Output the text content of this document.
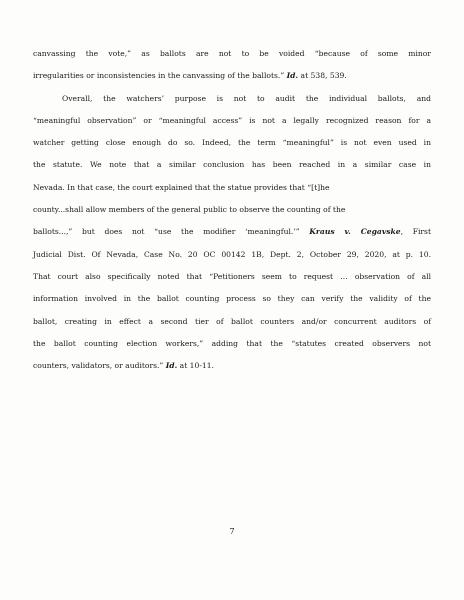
canvassing the vote,” as ballots are not to be voided “because of some minor
irregularities or inconsistencies in the canvassing of the ballots.” Id. at 538, 539.
Overall, the watchers’ purpose is not to audit the individual ballots, and
“meaningful observation” or “meaningful access” is not a legally recognized reason for a
watcher getting close enough do so. Indeed, the term “meaningful” is not even used in
the statute. We note that a similar conclusion has been reached in a similar case in
Nevada. In that case, the court explained that the statue provides that “[t]he
county...shall allow members of the general public to observe the counting of the
ballots...,” but does not “use the modifier ‘meaningful.’” Kraus v. Cegavske, First
Judicial Dist. Of Nevada, Case No. 20 OC 00142 1B, Dept. 2, October 29, 2020, at p. 10.
That court also specifically noted that “Petitioners seem to request … observation of all
information involved in the ballot counting process so they can verify the validity of the
ballot, creating in effect a second tier of ballot counters and/or concurrent auditors of
the ballot counting election workers,” adding that the “statutes created observers not
counters, validators, or auditors.” Id. at 10-11.
7
